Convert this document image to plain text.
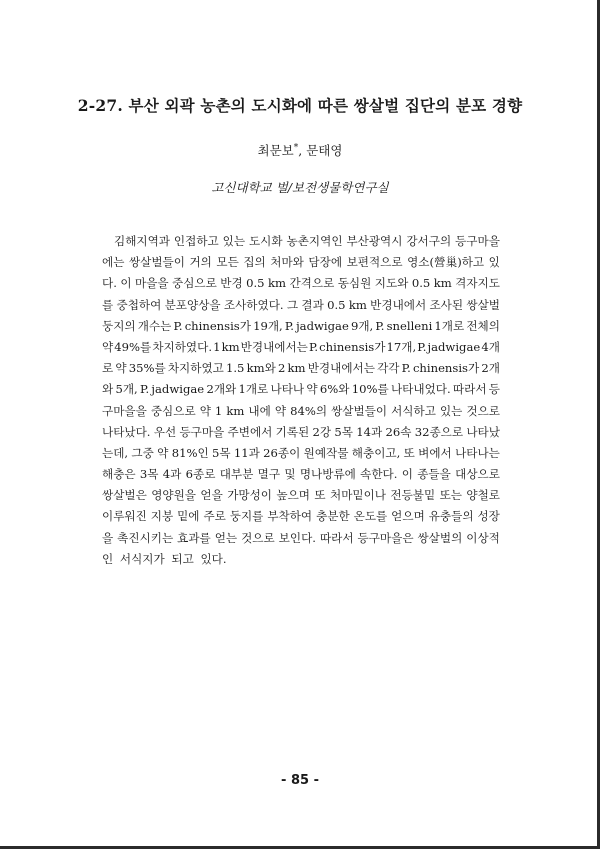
2-27. 부산 외곽 농촌의 도시화에 따른 쌍살벌 집단의 분포 경향
최문보*, 문태영
고신대학교 벌/보전생물학연구실
김해지역과 인접하고 있는 도시화 농촌지역인 부산광역시 강서구의 등구마을
에는 쌍살벌들이 거의 모든 집의 처마와 담장에 보편적으로 영소(營巢)하고 있
다. 이 마을을 중심으로 반경 0.5 km 간격으로 동심원 지도와 0.5 km 격자지도
를 중첩하여 분포양상을 조사하였다. 그 결과 0.5 km 반경내에서 조사된 쌍살벌
둥지의 개수는 P. chinensis가 19개, P. jadwigae 9개, P. snelleni 1개로 전체의
약 49%를 차지하였다. 1 km 반경내에서는 P. chinensis가 17개, P. jadwigae 4개
로 약 35%를 차지하였고 1.5 km와 2 km 반경내에서는 각각 P. chinensis가 2개
와 5개, P. jadwigae 2개와 1개로 나타나 약 6%와 10%를 나타내었다. 따라서 등
구마을을 중심으로 약 1 km 내에 약 84%의 쌍살벌들이 서식하고 있는 것으로
나타났다. 우선 등구마을 주변에서 기록된 2강 5목 14과 26속 32종으로 나타났
는데, 그중 약 81%인 5목 11과 26종이 원예작물 해충이고, 또 벼에서 나타나는
해충은 3목 4과 6종로 대부분 멸구 및 명나방류에 속한다. 이 종들을 대상으로
쌍살벌은 영양원을 얻을 가망성이 높으며 또 처마밑이나 전등불밑 또는 양철로
이루워진 지붕 밑에 주로 둥지를 부착하여 충분한 온도를 얻으며 유충들의 성장
을 촉진시키는 효과를 얻는 것으로 보인다. 따라서 등구마을은 쌍살벌의 이상적
인 서식지가 되고 있다.
- 85 -
